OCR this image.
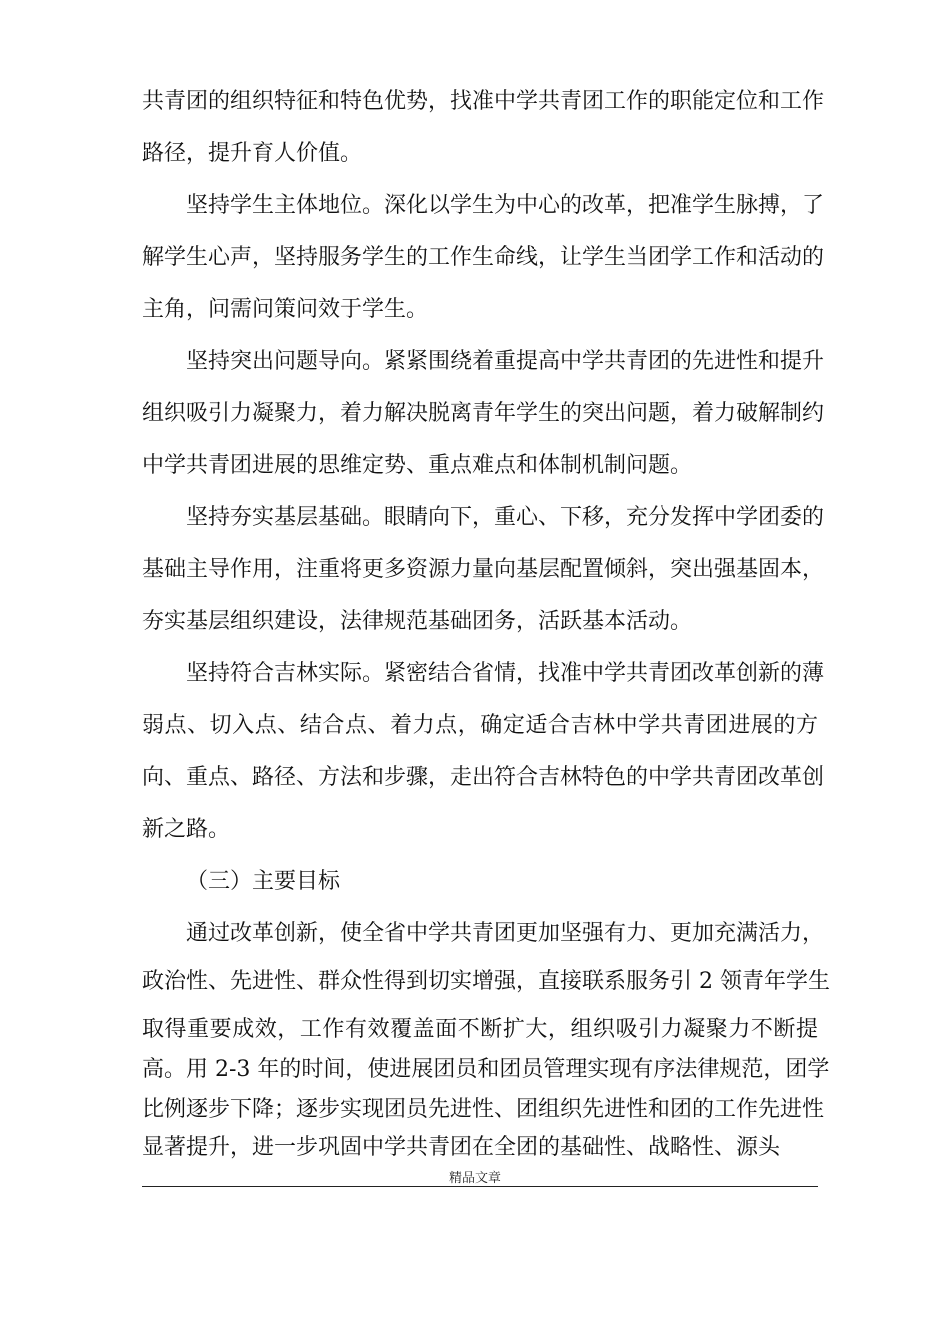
共青团的组织特征和特色优势，找准中学共青团工作的职能定位和工作
路径，提升育人价值。
坚持学生主体地位。深化以学生为中心的改革，把准学生脉搏，了
解学生心声，坚持服务学生的工作生命线，让学生当团学工作和活动的
主角，问需问策问效于学生。
坚持突出问题导向。紧紧围绕着重提高中学共青团的先进性和提升
组织吸引力凝聚力，着力解决脱离青年学生的突出问题，着力破解制约
中学共青团进展的思维定势、重点难点和体制机制问题。
坚持夯实基层基础。眼睛向下，重心、下移，充分发挥中学团委的
基础主导作用，注重将更多资源力量向基层配置倾斜，突出强基固本，
夯实基层组织建设，法律规范基础团务，活跃基本活动。
坚持符合吉林实际。紧密结合省情，找准中学共青团改革创新的薄
弱点、切入点、结合点、着力点，确定适合吉林中学共青团进展的方
向、重点、路径、方法和步骤，走出符合吉林特色的中学共青团改革创
新之路。
（三）主要目标
通过改革创新，使全省中学共青团更加坚强有力、更加充满活力，
政治性、先进性、群众性得到切实增强，直接联系服务引 2 领青年学生
取得重要成效，工作有效覆盖面不断扩大，组织吸引力凝聚力不断提
高。用 2-3 年的时间，使进展团员和团员管理实现有序法律规范，团学
比例逐步下降；逐步实现团员先进性、团组织先进性和团的工作先进性
显著提升，进一步巩固中学共青团在全团的基础性、战略性、源头
精品文章
